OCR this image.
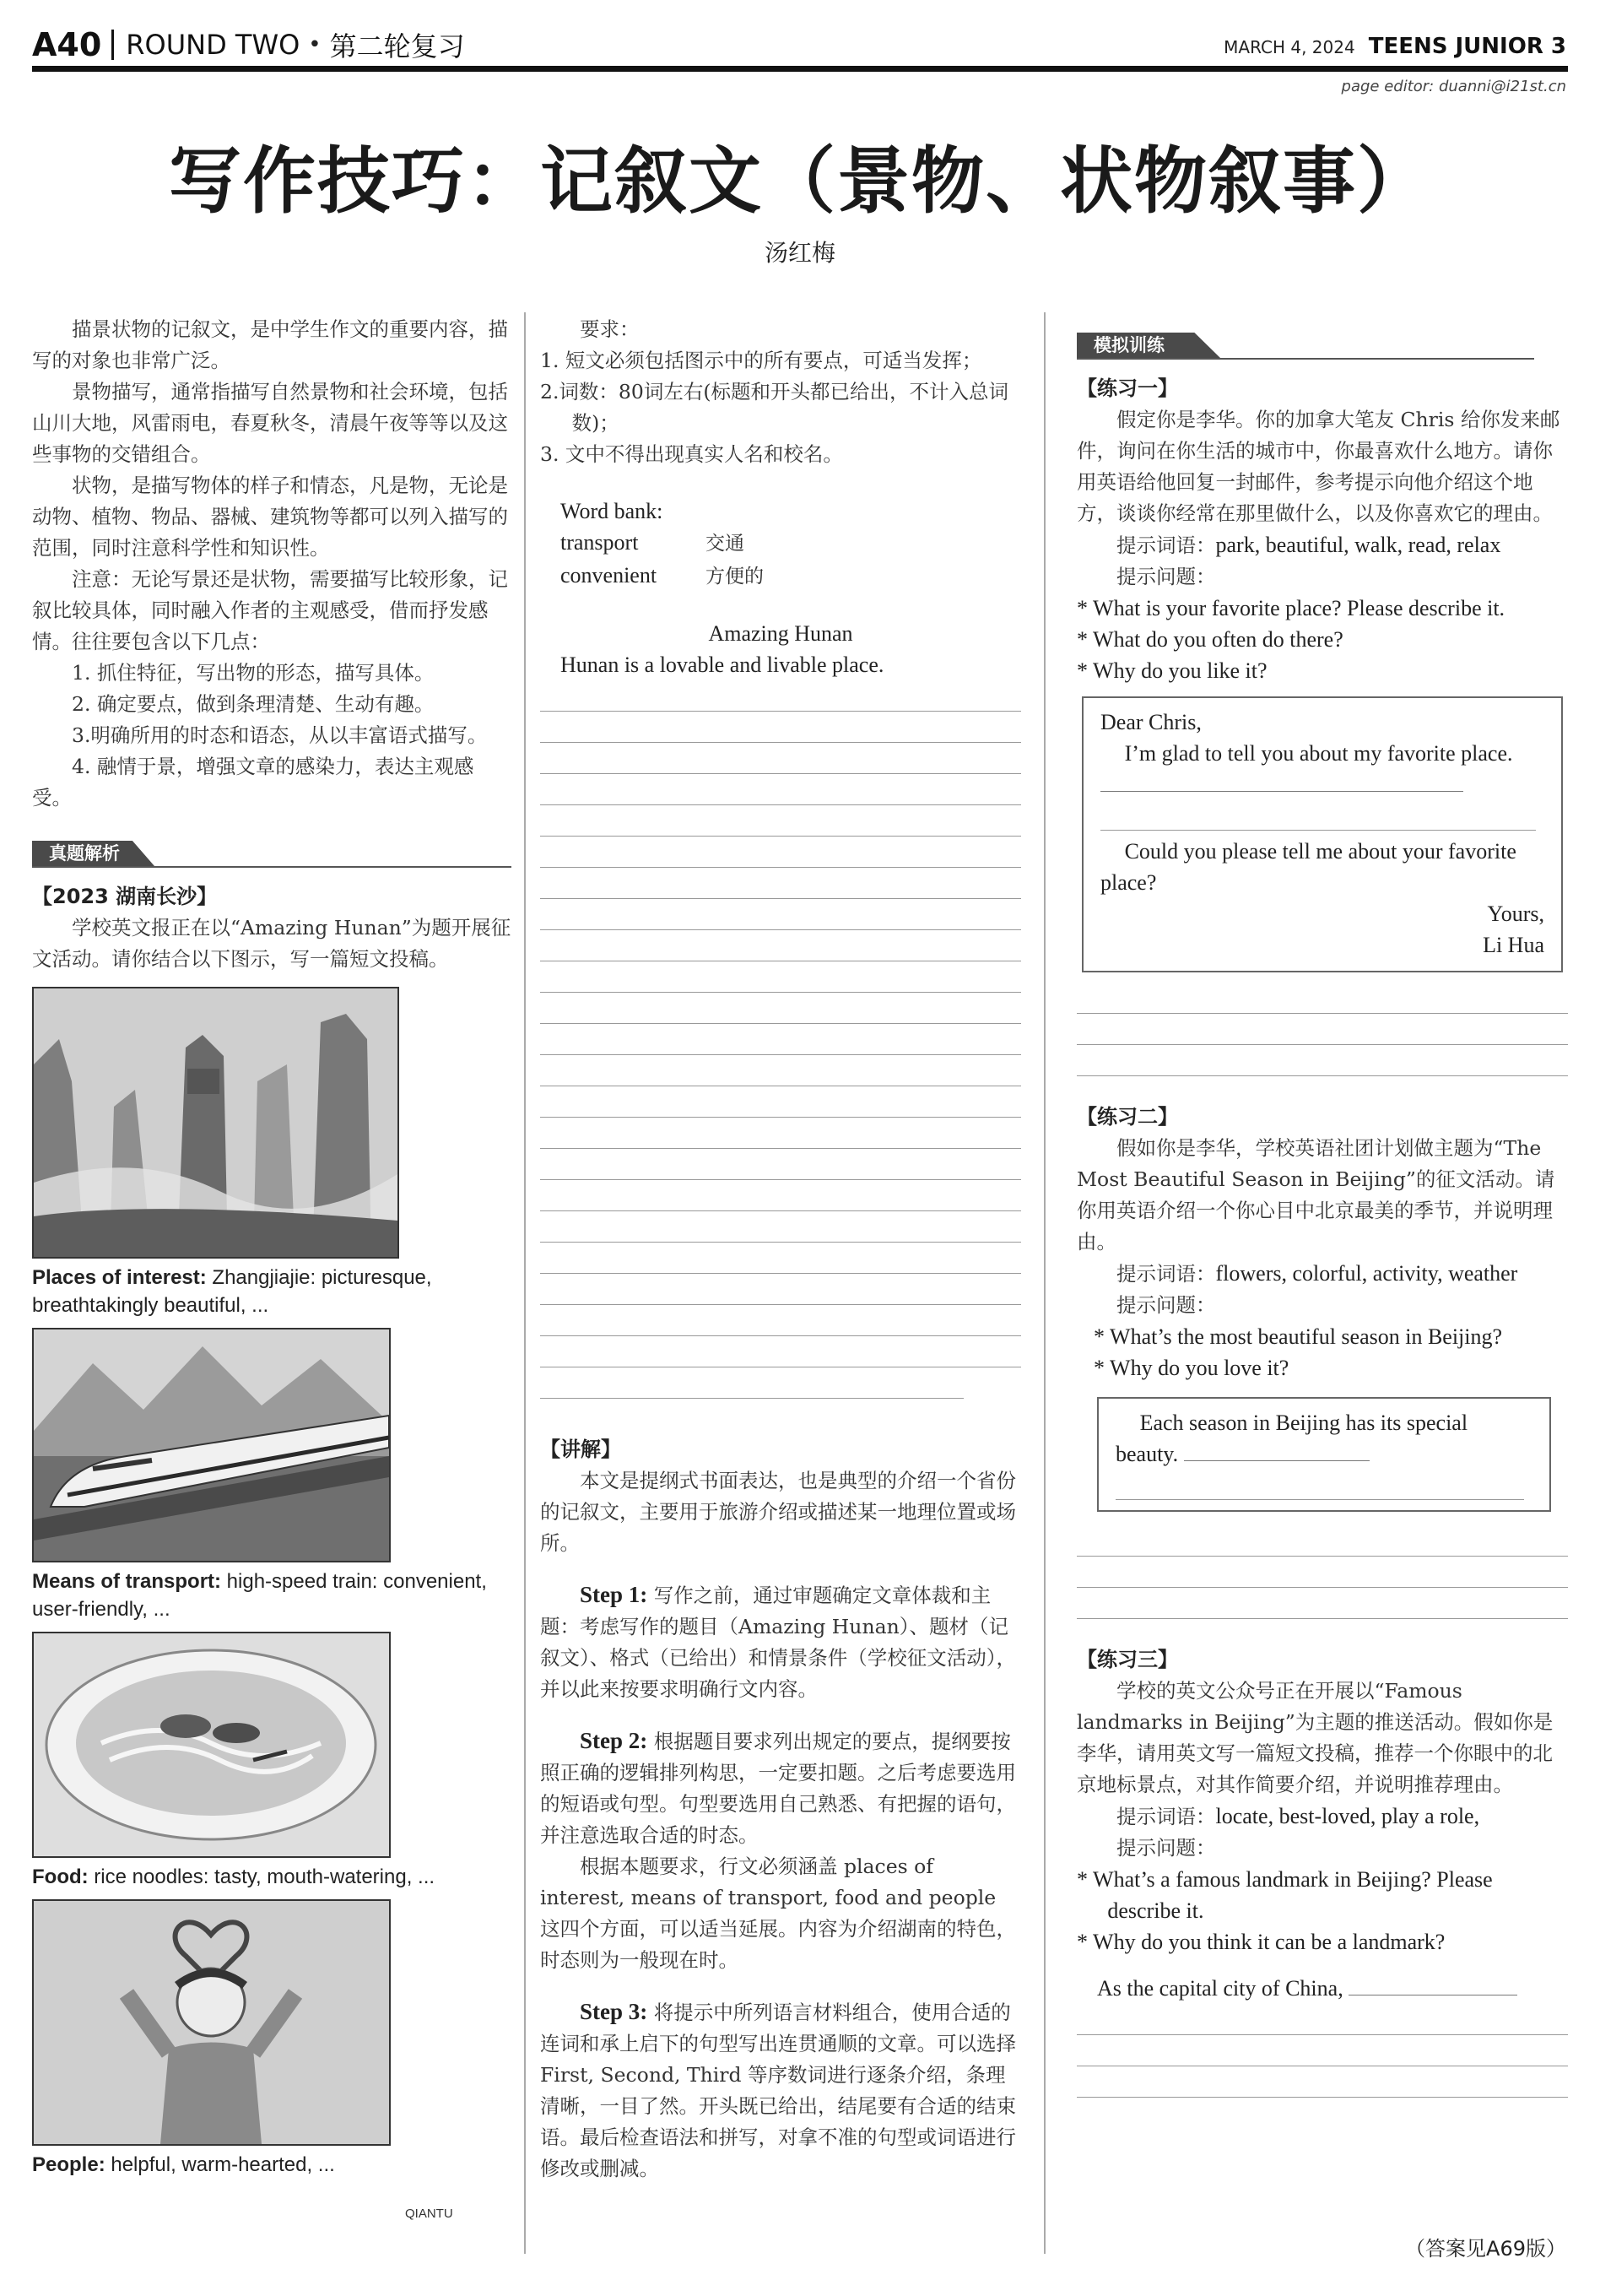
A40 ROUND TWO • 第二轮复习	MARCH 4, 2024 TEENS JUNIOR 3
page editor: duanni@i21st.cn
写作技巧：记叙文（景物、状物叙事）
汤红梅

描景状物的记叙文，是中学生作文的重要内容，描写的对象也非常广泛。

景物描写，通常指描写自然景物和社会环境，包括山川大地，风雷雨电，春夏秋冬，清晨午夜等等以及这些事物的交错组合。

状物，是描写物体的样子和情态，凡是物，无论是动物、植物、物品、器械、建筑物等都可以列入描写的范围，同时注意科学性和知识性。

注意：无论写景还是状物，需要描写比较形象，记叙比较具体，同时融入作者的主观感受，借而抒发感情。往往要包含以下几点：

1. 抓住特征，写出物的形态，描写具体。

2. 确定要点，做到条理清楚、生动有趣。

3.明确所用的时态和语态，从以丰富语式描写。

4. 融情于景，增强文章的感染力，表达主观感受。

真题解析

【2023 湖南长沙】

学校英文报正在以“Amazing Hunan”为题开展征文活动。请你结合以下图示，写一篇短文投稿。

Places of interest: Zhangjiajie: picturesque, breathtakingly beautiful, ...

Means of transport: high-speed train: convenient, user-friendly, ...

Food: rice noodles: tasty, mouth-watering, ...

People: helpful, warm-hearted, ...

QIANTU

要求：

1. 短文必须包括图示中的所有要点，可适当发挥；

2.词数：80词左右(标题和开头都已给出，不计入总词数)；

3. 文中不得出现真实人名和校名。

Word bank:

transport	交通

convenient	方便的

Amazing Hunan

Hunan is a lovable and livable place.

【讲解】

本文是提纲式书面表达，也是典型的介绍一个省份的记叙文，主要用于旅游介绍或描述某一地理位置或场所。

Step 1: 写作之前，通过审题确定文章体裁和主题：考虑写作的题目（Amazing Hunan）、题材（记叙文）、格式（已给出）和情景条件（学校征文活动），并以此来按要求明确行文内容。

Step 2: 根据题目要求列出规定的要点，提纲要按照正确的逻辑排列构思，一定要扣题。之后考虑要选用的短语或句型。句型要选用自己熟悉、有把握的语句，并注意选取合适的时态。

根据本题要求，行文必须涵盖 places of interest, means of transport, food and people 这四个方面，可以适当延展。内容为介绍湖南的特色，时态则为一般现在时。

Step 3: 将提示中所列语言材料组合，使用合适的连词和承上启下的句型写出连贯通顺的文章。可以选择 First, Second, Third 等序数词进行逐条介绍，条理清晰，一目了然。开头既已给出，结尾要有合适的结束语。最后检查语法和拼写，对拿不准的句型或词语进行修改或删减。

模拟训练

【练习一】

假定你是李华。你的加拿大笔友 Chris 给你发来邮件，询问在你生活的城市中，你最喜欢什么地方。请你用英语给他回复一封邮件，参考提示向他介绍这个地方，谈谈你经常在那里做什么，以及你喜欢它的理由。

提示词语：park, beautiful, walk, read, relax

提示问题：

* What is your favorite place? Please describe it.

* What do you often do there?

* Why do you like it?

Dear Chris,

I’m glad to tell you about my favorite place.

Could you please tell me about your favorite place?

Yours,

Li Hua

【练习二】

假如你是李华，学校英语社团计划做主题为“The Most Beautiful Season in Beijing”的征文活动。请你用英语介绍一个你心目中北京最美的季节，并说明理由。

提示词语：flowers, colorful, activity, weather

提示问题：

* What’s the most beautiful season in Beijing?

* Why do you love it?

Each season in Beijing has its special beauty.

【练习三】

学校的英文公众号正在开展以“Famous landmarks in Beijing”为主题的推送活动。假如你是李华，请用英文写一篇短文投稿，推荐一个你眼中的北京地标景点，对其作简要介绍，并说明推荐理由。

提示词语：locate, best-loved, play a role,

提示问题：

* What’s a famous landmark in Beijing? Please describe it.

* Why do you think it can be a landmark?

As the capital city of China,

（答案见A69版）
